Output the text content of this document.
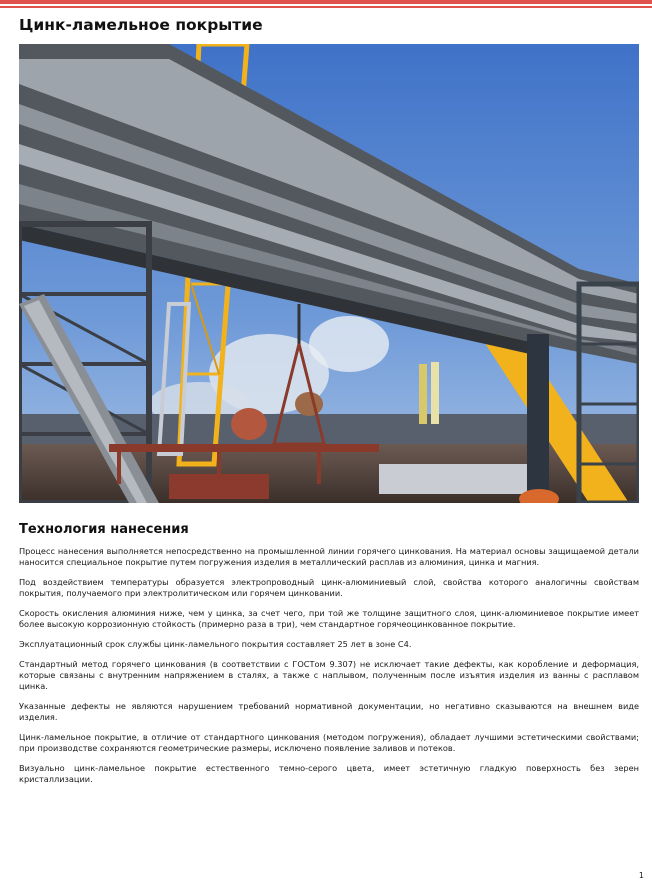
Цинк-ламельное покрытие
Технология нанесения

Процесс нанесения выполняется непосредственно на промышленной линии горячего цинкования. На материал основы защищаемой детали наносится специальное покрытие путем погружения изделия в металлический расплав из алюминия, цинка и магния.

Под воздействием температуры образуется электропроводный цинк-алюминиевый слой, свойства которого аналогичны свойствам покрытия, получаемого при электролитическом или горячем цинковании.

Скорость окисления алюминия ниже, чем у цинка, за счет чего, при той же толщине защитного слоя, цинк-алюминиевое покрытие имеет более высокую коррозионную стойкость (примерно раза в три), чем стандартное горячеоцинкованное покрытие.

Эксплуатационный срок службы цинк-ламельного покрытия составляет 25 лет в зоне С4.

Стандартный метод горячего цинкования (в соответствии с ГОСТом 9.307) не исключает такие дефекты, как коробление и деформация, которые связаны с внутренним напряжением в сталях, а также с наплывом, полученным после изъятия изделия из ванны с расплавом цинка.

Указанные дефекты не являются нарушением требований нормативной документации, но негативно сказываются на внешнем виде изделия.

Цинк-ламельное покрытие, в отличие от стандартного цинкования (методом погружения), обладает лучшими эстетическими свойствами; при производстве сохраняются геометрические размеры, исключено появление заливов и потеков.

Визуально цинк-ламельное покрытие естественного темно-серого цвета, имеет эстетичную гладкую поверхность без зерен кристаллизации.

1
